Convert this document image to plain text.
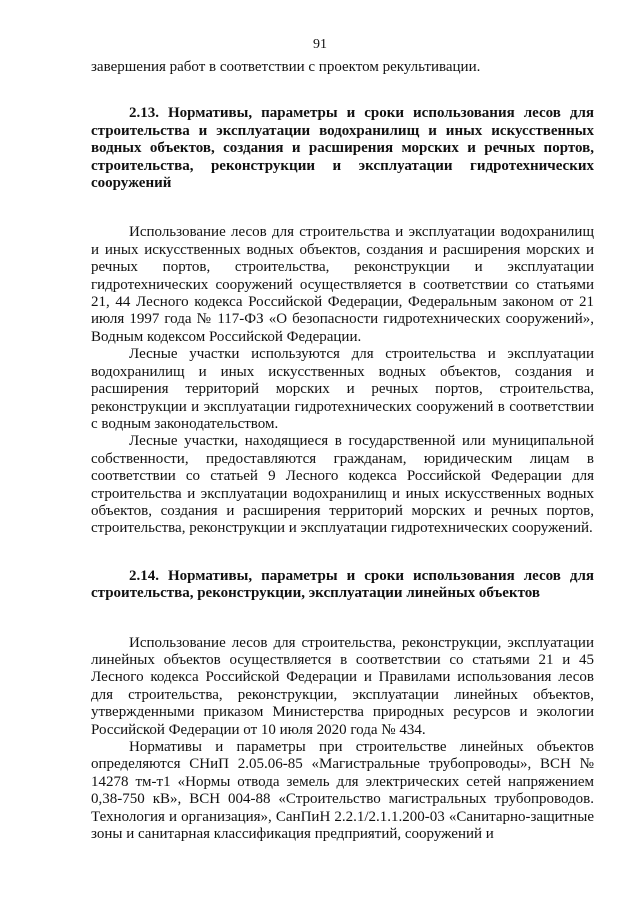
91

завершения работ в соответствии с проектом рекультивации.

2.13. Нормативы, параметры и сроки использования лесов для строительства и эксплуатации водохранилищ и иных искусственных водных объектов, создания и расширения морских и речных портов, строительства, реконструкции и эксплуатации гидротехнических сооружений

Использование лесов для строительства и эксплуатации водохранилищ и иных искусственных водных объектов, создания и расширения морских и речных портов, строительства, реконструкции и эксплуатации гидротехнических сооружений осуществляется в соответствии со статьями 21, 44 Лесного кодекса Российской Федерации, Федеральным законом от 21 июля 1997 года № 117-ФЗ «О безопасности гидротехнических сооружений», Водным кодексом Российской Федерации.

Лесные участки используются для строительства и эксплуатации водохранилищ и иных искусственных водных объектов, создания и расширения территорий морских и речных портов, строительства, реконструкции и эксплуатации гидротехнических сооружений в соответствии с водным законодательством.

Лесные участки, находящиеся в государственной или муниципальной собственности, предоставляются гражданам, юридическим лицам в соответствии со статьей 9 Лесного кодекса Российской Федерации для строительства и эксплуатации водохранилищ и иных искусственных водных объектов, создания и расширения территорий морских и речных портов, строительства, реконструкции и эксплуатации гидротехнических сооружений.

2.14. Нормативы, параметры и сроки использования лесов для строительства, реконструкции, эксплуатации линейных объектов

Использование лесов для строительства, реконструкции, эксплуатации линейных объектов осуществляется в соответствии со статьями 21 и 45 Лесного кодекса Российской Федерации и Правилами использования лесов для строительства, реконструкции, эксплуатации линейных объектов, утвержденными приказом Министерства природных ресурсов и экологии Российской Федерации от 10 июля 2020 года № 434.

Нормативы и параметры при строительстве линейных объектов определяются СНиП 2.05.06-85 «Магистральные трубопроводы», ВСН № 14278 тм-т1 «Нормы отвода земель для электрических сетей напряжением 0,38-750 кВ», ВСН 004-88 «Строительство магистральных трубопроводов. Технология и организация», СанПиН 2.2.1/2.1.1.200-03 «Санитарно-защитные зоны и санитарная классификация предприятий, сооружений и
